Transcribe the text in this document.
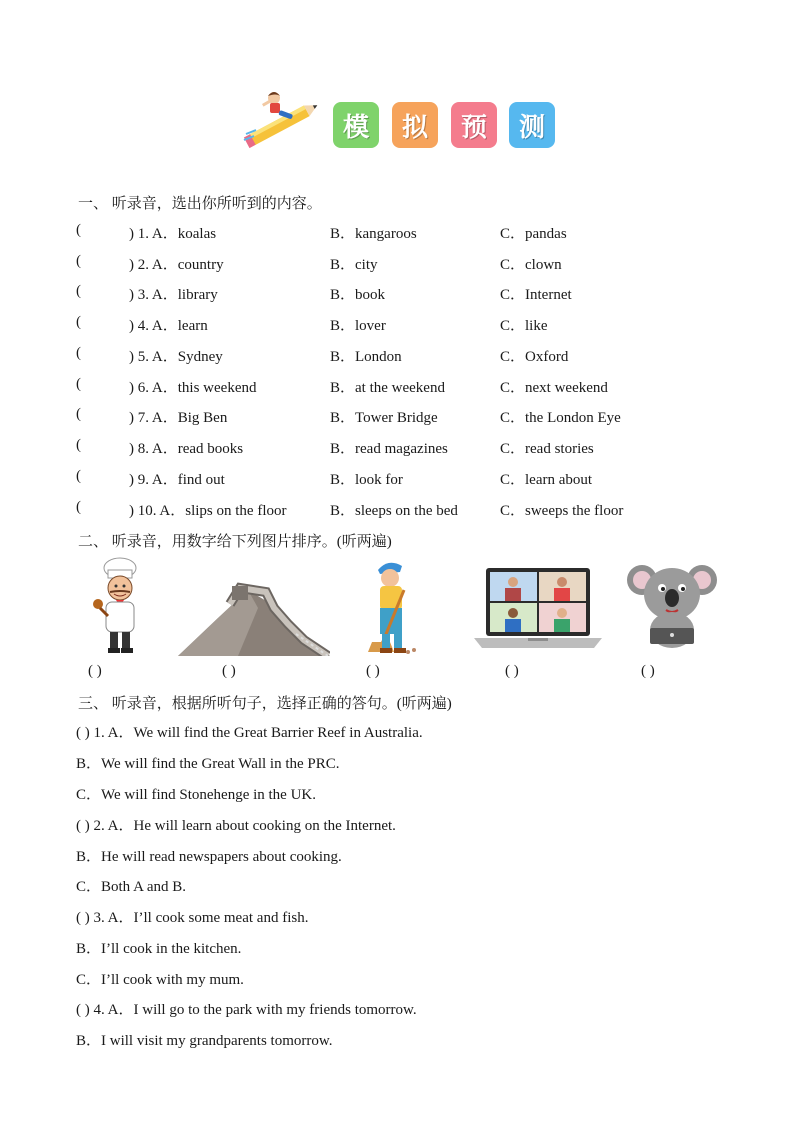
模 拟 预 测
一、 听录音，选出你所听到的内容。
(	) 1. A．koalas	B．kangaroos	C．pandas
(	) 2. A．country	B．city	C．clown
(	) 3. A．library	B．book	C．Internet
(	) 4. A．learn	B．lover	C．like
(	) 5. A．Sydney	B．London	C．Oxford
(	) 6. A．this weekend	B．at the weekend	C．next weekend
(	) 7. A．Big Ben	B．Tower Bridge	C．the London Eye
(	) 8. A．read books	B．read magazines	C．read stories
(	) 9. A．find out	B．look for	C．learn about
(	) 10. A．slips on the floor	B．sleeps on the bed	C．sweeps the floor
二、 听录音，用数字给下列图片排序。(听两遍)
( )	( )	( )	( )	( )
三、 听录音，根据所听句子，选择正确的答句。(听两遍)
( ) 1. A．We will find the Great Barrier Reef in Australia.
B．We will find the Great Wall in the PRC.
C．We will find Stonehenge in the UK.
( ) 2. A．He will learn about cooking on the Internet.
B．He will read newspapers about cooking.
C．Both A and B.
( ) 3. A．I’ll cook some meat and fish.
B．I’ll cook in the kitchen.
C．I’ll cook with my mum.
( ) 4. A．I will go to the park with my friends tomorrow.
B．I will visit my grandparents tomorrow.
